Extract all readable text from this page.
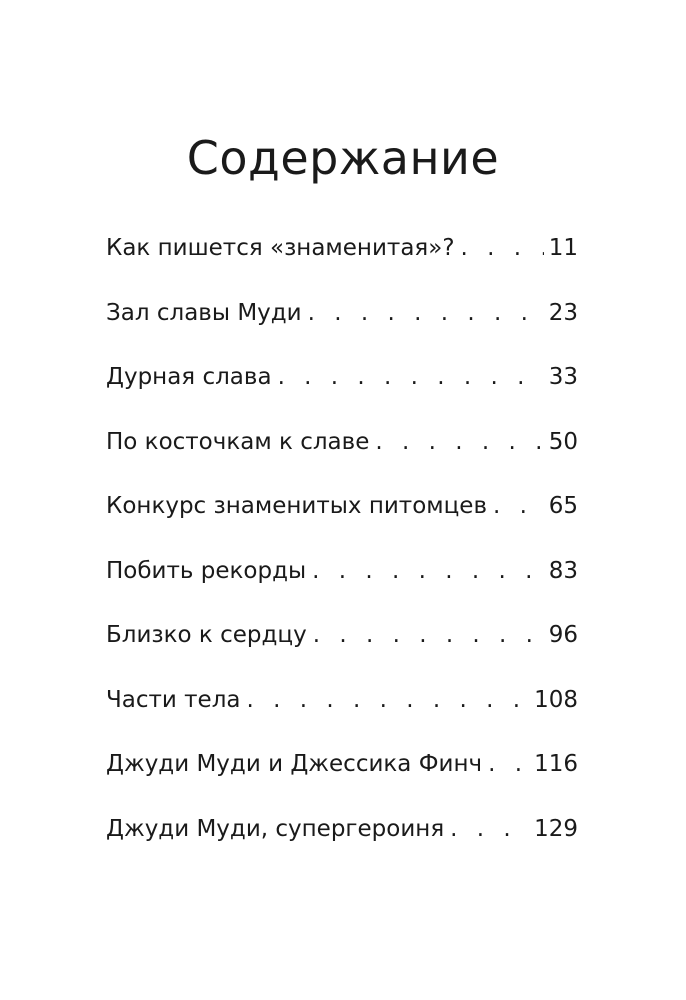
Содержание
Как пишется «знаменитая»? . . .	11
Зал славы Муди . . .	23
Дурная слава . . .	33
По косточкам к славе . . .	50
Конкурс знаменитых питомцев . . .	65
Побить рекорды . . .	83
Близко к сердцу . . .	96
Части тела . . .	108
Джуди Муди и Джессика Финч . . . 116
Джуди Муди, супергероиня . . .	129
